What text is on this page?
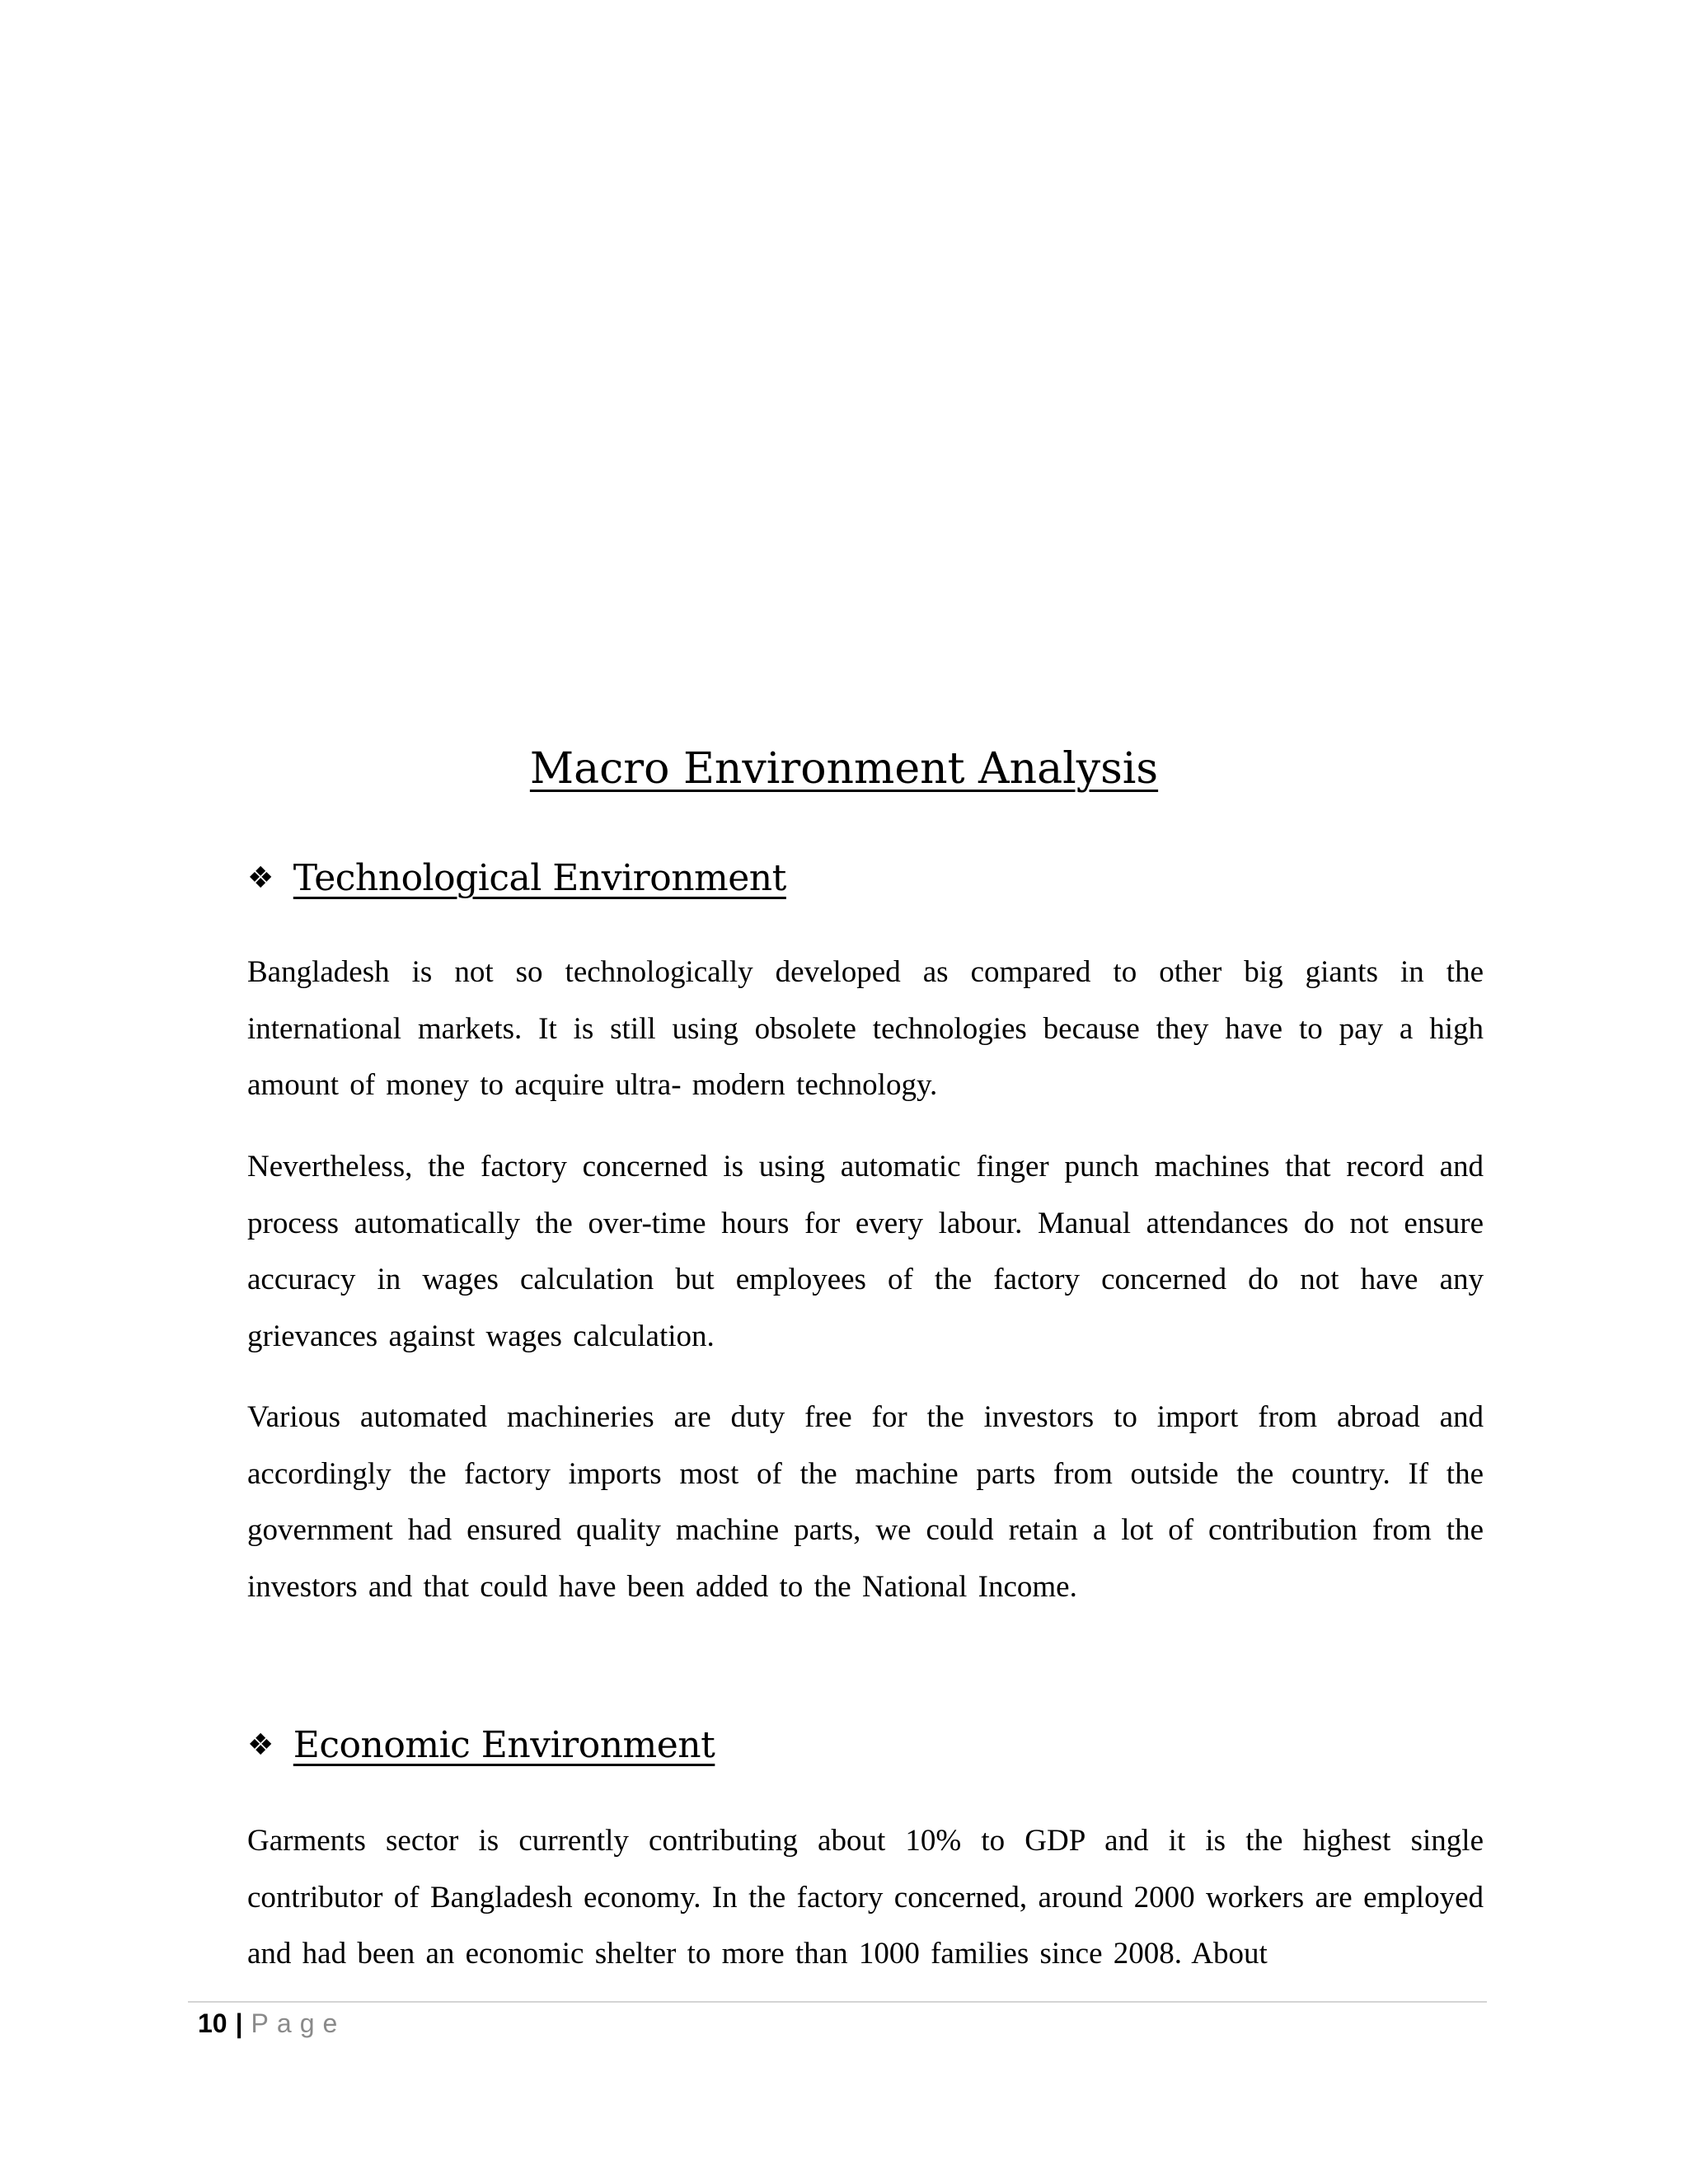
Macro Environment Analysis
❖ Technological Environment

Bangladesh is not so technologically developed as compared to other big giants in the international markets. It is still using obsolete technologies because they have to pay a high amount of money to acquire ultra- modern technology.

Nevertheless, the factory concerned is using automatic finger punch machines that record and process automatically the over-time hours for every labour. Manual attendances do not ensure accuracy in wages calculation but employees of the factory concerned do not have any grievances against wages calculation.

Various automated machineries are duty free for the investors to import from abroad and accordingly the factory imports most of the machine parts from outside the country. If the government had ensured quality machine parts, we could retain a lot of contribution from the investors and that could have been added to the National Income.

❖ Economic Environment

Garments sector is currently contributing about 10% to GDP and it is the highest single contributor of Bangladesh economy. In the factory concerned, around 2000 workers are employed and had been an economic shelter to more than 1000 families since 2008. About

10 | Page
